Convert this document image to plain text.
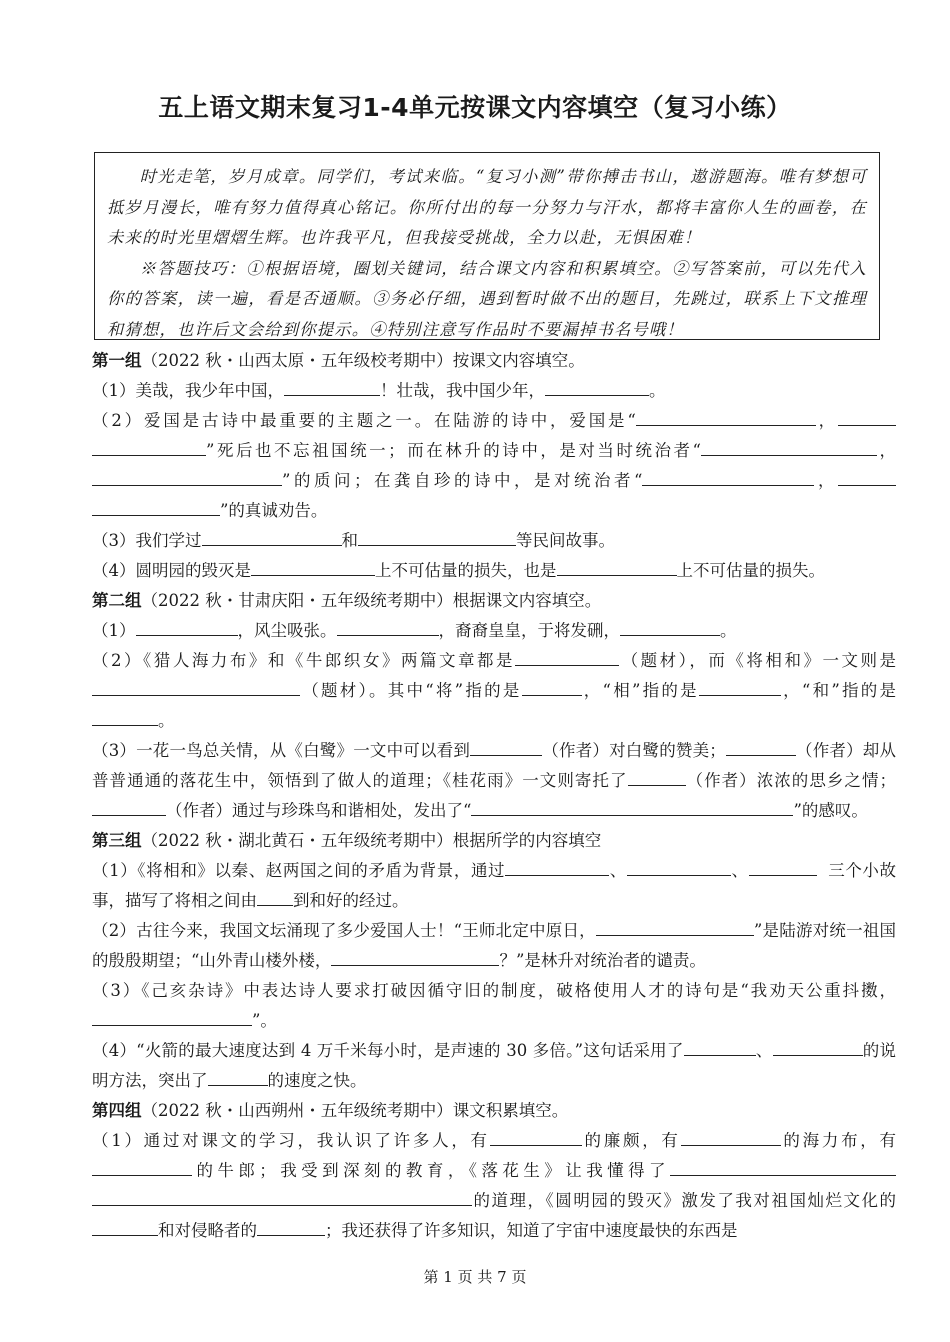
五上语文期末复习1-4单元按课文内容填空（复习小练）

时光走笔，岁月成章。同学们，考试来临。“复习小测”带你搏击书山，遨游题海。唯有梦想可抵岁月漫长，唯有努力值得真心铭记。你所付出的每一分努力与汗水，都将丰富你人生的画卷，在未来的时光里熠熠生辉。也许我平凡，但我接受挑战，全力以赴，无惧困难！

※答题技巧：①根据语境，圈划关键词，结合课文内容和积累填空。②写答案前，可以先代入你的答案，读一遍，看是否通顺。③务必仔细，遇到暂时做不出的题目，先跳过，联系上下文推理和猜想，也许后文会给到你提示。④特别注意写作品时不要漏掉书名号哦！

第一组（2022 秋・山西太原・五年级校考期中）按课文内容填空。

（1）美哉，我少年中国，	！壮哉，我中国少年，	。

（2）爱国是古诗中最重要的主题之一。在陆游的诗中，爱国是“	，”死后也不忘祖国统一；而在林升的诗中，是对当时统治者“	，”的质问；在龚自珍的诗中，是对统治者“	，”的真诚劝告。

（3）我们学过	和	等民间故事。

（4）圆明园的毁灭是	上不可估量的损失，也是	上不可估量的损失。

第二组（2022 秋・甘肃庆阳・五年级统考期中）根据课文内容填空。

（1）	，风尘吸张。	，裔裔皇皇，于将发硎，	。

（2）《猎人海力布》和《牛郎织女》两篇文章都是	（题材），而《将相和》一文则是（题材）。其中“将”指的是	，“相”指的是	，“和”指的是。

（3）一花一鸟总关情，从《白鹭》一文中可以看到	（作者）对白鹭的赞美；	（作者）却从普普通通的落花生中，领悟到了做人的道理；《桂花雨》一文则寄托了	（作者）浓浓的思乡之情；（作者）通过与珍珠鸟和谐相处，发出了“	”的感叹。

第三组（2022 秋・湖北黄石・五年级统考期中）根据所学的内容填空

（1）《将相和》以秦、赵两国之间的矛盾为背景，通过	、	、	三个小故事，描写了将相之间由 到和好的经过。

（2）古往今来，我国文坛涌现了多少爱国人士！“王师北定中原日，	”是陆游对统一祖国的殷殷期望；“山外青山楼外楼，	？”是林升对统治者的谴责。

（3）《己亥杂诗》中表达诗人要求打破因循守旧的制度，破格使用人才的诗句是“我劝天公重抖擞，”。

（4）“火箭的最大速度达到 4 万千米每小时，是声速的 30 多倍。”这句话采用了	、	的说明方法，突出了	的速度之快。

第四组（2022 秋・山西朔州・五年级统考期中）课文积累填空。

（1）通过对课文的学习，我认识了许多人，有	的廉颇，有	的海力布，有的牛郎；我受到深刻的教育，《落花生》让我懂得了的道理，《圆明园的毁灭》激发了我对祖国灿烂文化的和对侵略者的	；我还获得了许多知识，知道了宇宙中速度最快的东西是

第 1 页 共 7 页
